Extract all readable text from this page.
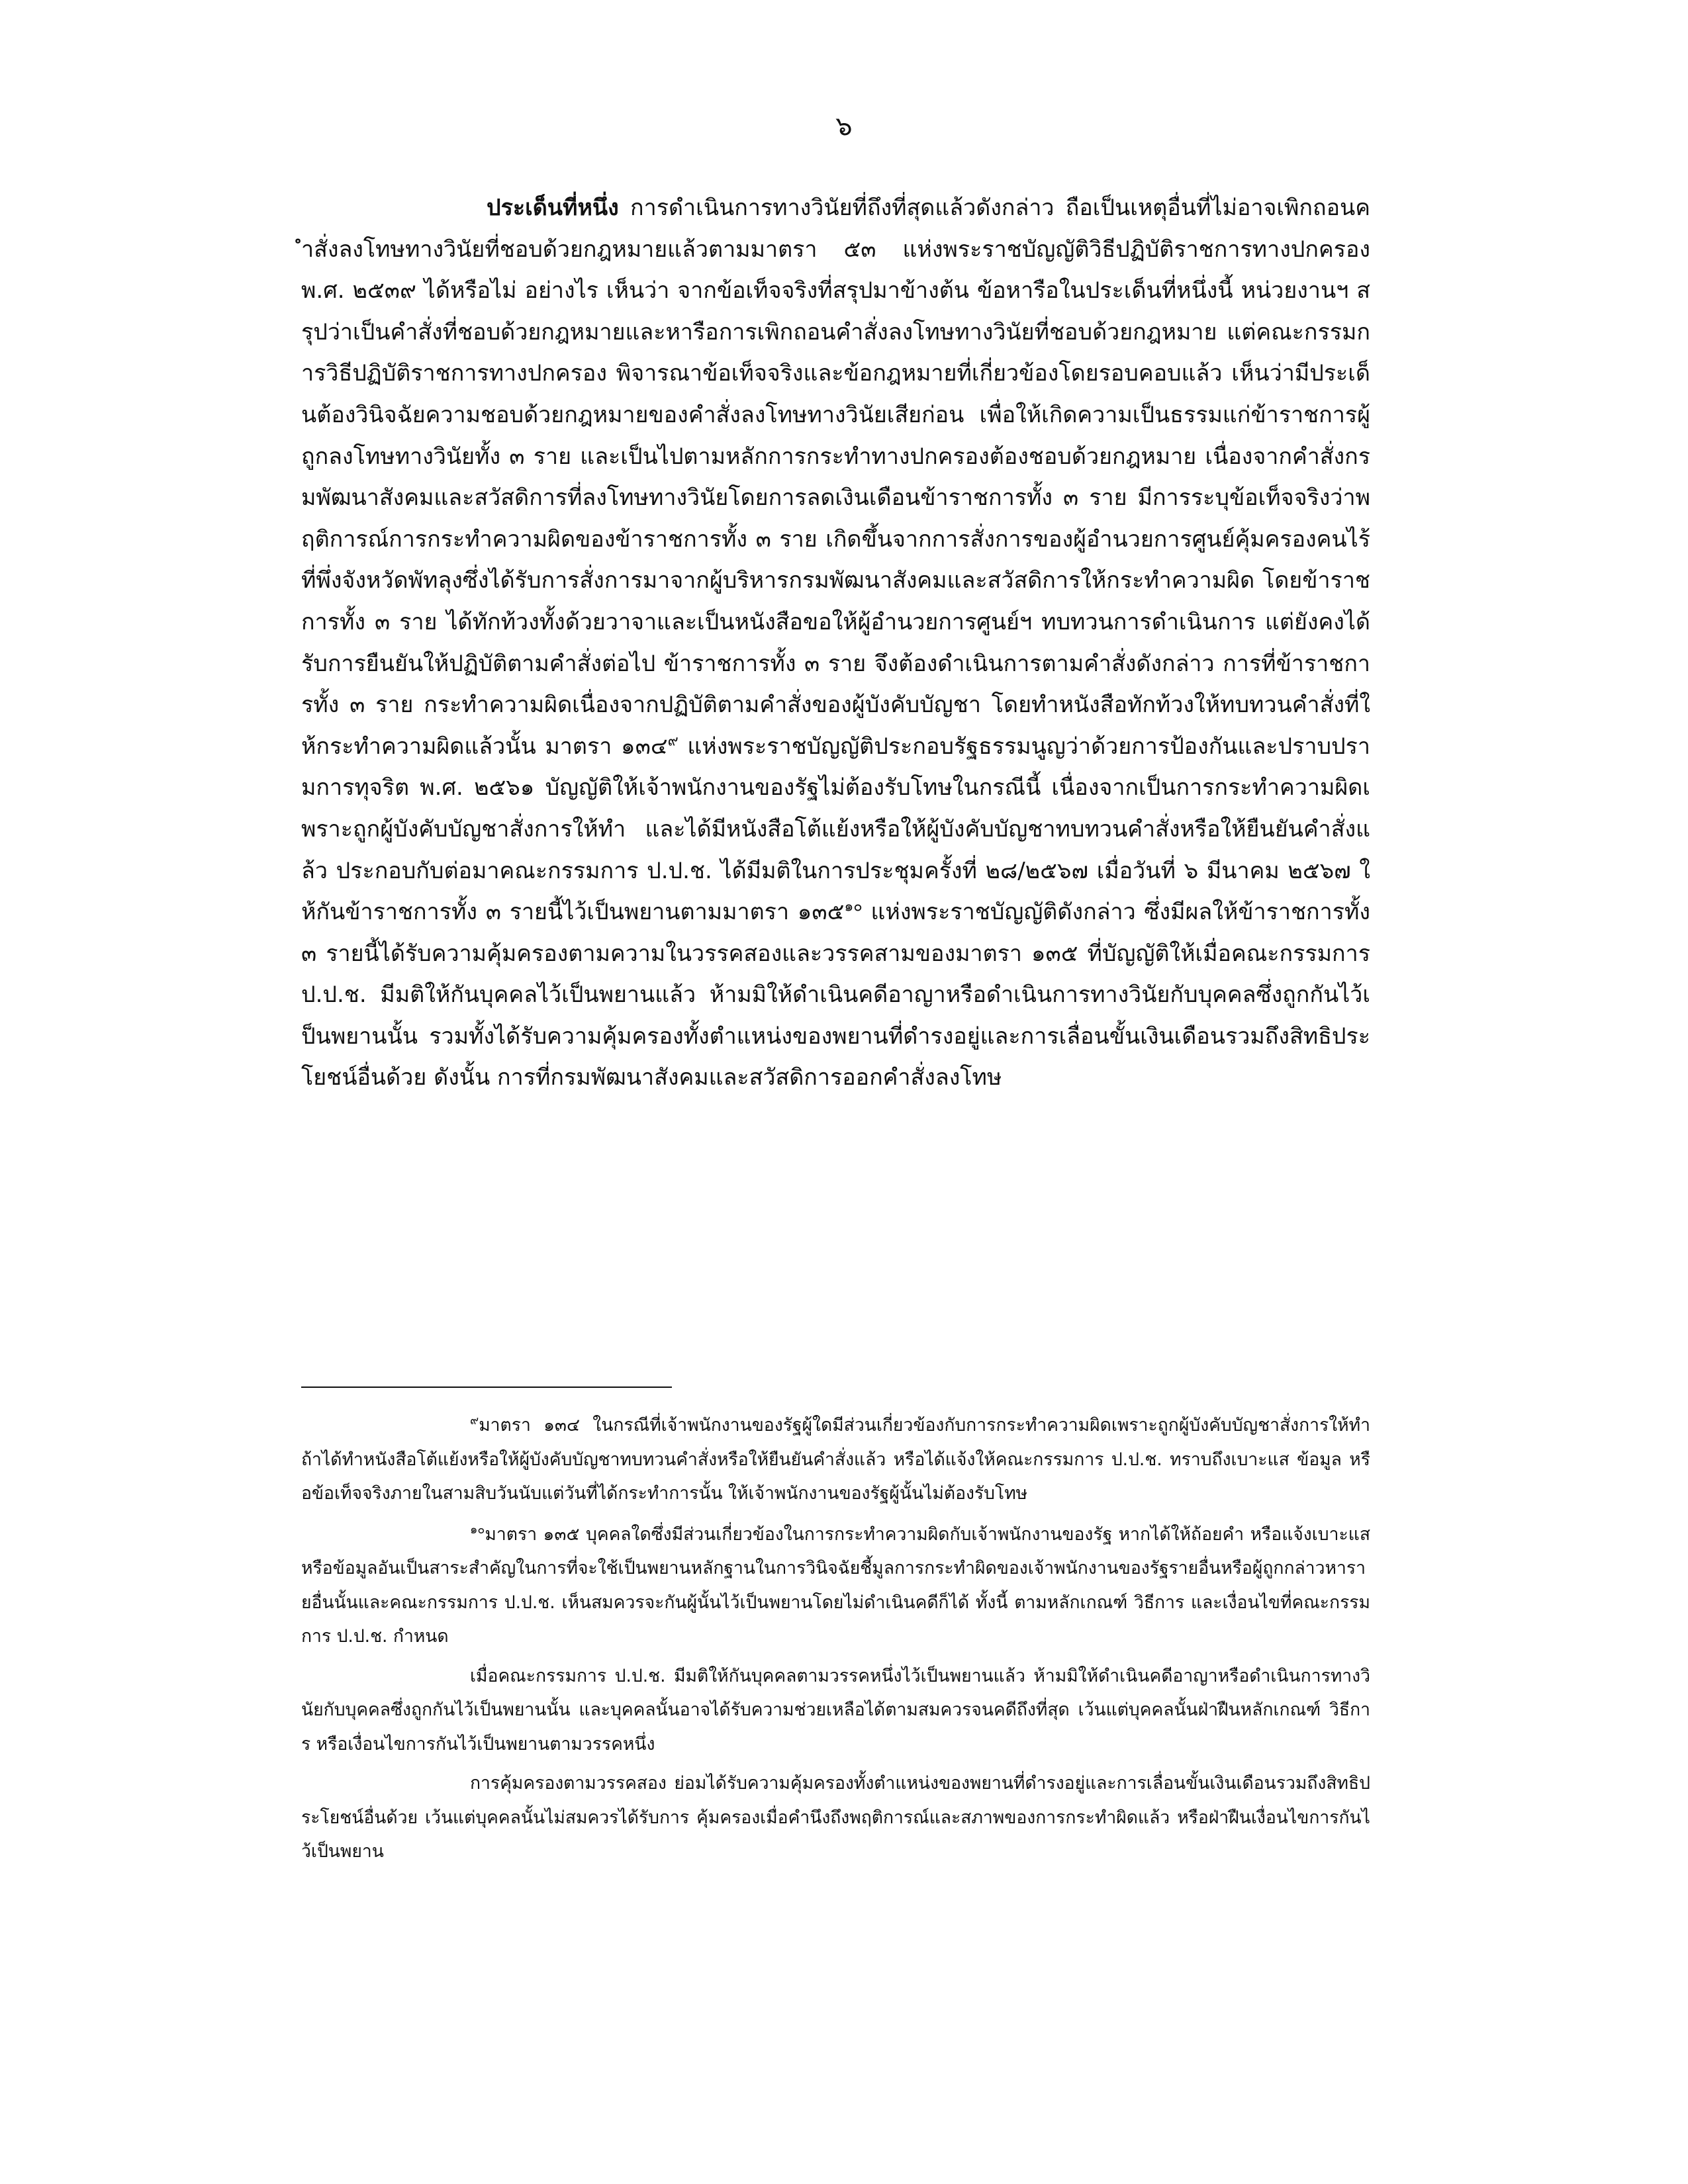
๖

ประเด็นที่หนึ่ง การดำเนินการทางวินัยที่ถึงที่สุดแล้วดังกล่าว ถือเป็นเหตุอื่นที่ไม่อาจเพิกถอนคำสั่งลงโทษทางวินัยที่ชอบด้วยกฎหมายแล้วตามมาตรา ๕๓ แห่งพระราชบัญญัติวิธีปฏิบัติราชการทางปกครอง พ.ศ. ๒๕๓๙ ได้หรือไม่ อย่างไร เห็นว่า จากข้อเท็จจริงที่สรุปมาข้างต้น ข้อหารือในประเด็นที่หนึ่งนี้ หน่วยงานฯ สรุปว่าเป็นคำสั่งที่ชอบด้วยกฎหมายและหารือการเพิกถอนคำสั่งลงโทษทางวินัยที่ชอบด้วยกฎหมาย แต่คณะกรรมการวิธีปฏิบัติราชการทางปกครอง พิจารณาข้อเท็จจริงและข้อกฎหมายที่เกี่ยวข้องโดยรอบคอบแล้ว เห็นว่ามีประเด็นต้องวินิจฉัยความชอบด้วยกฎหมายของคำสั่งลงโทษทางวินัยเสียก่อน เพื่อให้เกิดความเป็นธรรมแก่ข้าราชการผู้ถูกลงโทษทางวินัยทั้ง ๓ ราย และเป็นไปตามหลักการกระทำทางปกครองต้องชอบด้วยกฎหมาย เนื่องจากคำสั่งกรมพัฒนาสังคมและสวัสดิการที่ลงโทษทางวินัยโดยการลดเงินเดือนข้าราชการทั้ง ๓ ราย มีการระบุข้อเท็จจริงว่าพฤติการณ์การกระทำความผิดของข้าราชการทั้ง ๓ ราย เกิดขึ้นจากการสั่งการของผู้อำนวยการศูนย์คุ้มครองคนไร้ที่พึ่งจังหวัดพัทลุงซึ่งได้รับการสั่งการมาจากผู้บริหารกรมพัฒนาสังคมและสวัสดิการให้กระทำความผิด โดยข้าราชการทั้ง ๓ ราย ได้ทักท้วงทั้งด้วยวาจาและเป็นหนังสือขอให้ผู้อำนวยการศูนย์ฯ ทบทวนการดำเนินการ แต่ยังคงได้รับการยืนยันให้ปฏิบัติตามคำสั่งต่อไป ข้าราชการทั้ง ๓ ราย จึงต้องดำเนินการตามคำสั่งดังกล่าว การที่ข้าราชการทั้ง ๓ ราย กระทำความผิดเนื่องจากปฏิบัติตามคำสั่งของผู้บังคับบัญชา โดยทำหนังสือทักท้วงให้ทบทวนคำสั่งที่ให้กระทำความผิดแล้วนั้น มาตรา ๑๓๔$^๙$ แห่งพระราชบัญญัติประกอบรัฐธรรมนูญว่าด้วยการป้องกันและปราบปรามการทุจริต พ.ศ. ๒๕๖๑ บัญญัติให้เจ้าพนักงานของรัฐไม่ต้องรับโทษในกรณีนี้ เนื่องจากเป็นการกระทำความผิดเพราะถูกผู้บังคับบัญชาสั่งการให้ทำ และได้มีหนังสือโต้แย้งหรือให้ผู้บังคับบัญชาทบทวนคำสั่งหรือให้ยืนยันคำสั่งแล้ว ประกอบกับต่อมาคณะกรรมการ ป.ป.ช. ได้มีมติในการประชุมครั้งที่ ๒๘/๒๕๖๗ เมื่อวันที่ ๖ มีนาคม ๒๕๖๗ ให้กันข้าราชการทั้ง ๓ รายนี้ไว้เป็นพยานตามมาตรา ๑๓๕$^{๑๐}$ แห่งพระราชบัญญัติดังกล่าว ซึ่งมีผลให้ข้าราชการทั้ง ๓ รายนี้ได้รับความคุ้มครองตามความในวรรคสองและวรรคสามของมาตรา ๑๓๕ ที่บัญญัติให้เมื่อคณะกรรมการ ป.ป.ช. มีมติให้กันบุคคลไว้เป็นพยานแล้ว ห้ามมิให้ดำเนินคดีอาญาหรือดำเนินการทางวินัยกับบุคคลซึ่งถูกกันไว้เป็นพยานนั้น รวมทั้งได้รับความคุ้มครองทั้งตำแหน่งของพยานที่ดำรงอยู่และการเลื่อนขั้นเงินเดือนรวมถึงสิทธิประโยชน์อื่นด้วย ดังนั้น การที่กรมพัฒนาสังคมและสวัสดิการออกคำสั่งลงโทษ

$^๙$มาตรา ๑๓๔ ในกรณีที่เจ้าพนักงานของรัฐผู้ใดมีส่วนเกี่ยวข้องกับการกระทำความผิดเพราะถูกผู้บังคับบัญชาสั่งการให้ทำ ถ้าได้ทำหนังสือโต้แย้งหรือให้ผู้บังคับบัญชาทบทวนคำสั่งหรือให้ยืนยันคำสั่งแล้ว หรือได้แจ้งให้คณะกรรมการ ป.ป.ช. ทราบถึงเบาะแส ข้อมูล หรือข้อเท็จจริงภายในสามสิบวันนับแต่วันที่ได้กระทำการนั้น ให้เจ้าพนักงานของรัฐผู้นั้นไม่ต้องรับโทษ

$^{๑๐}$มาตรา ๑๓๕ บุคคลใดซึ่งมีส่วนเกี่ยวข้องในการกระทำความผิดกับเจ้าพนักงานของรัฐ หากได้ให้ถ้อยคำ หรือแจ้งเบาะแสหรือข้อมูลอันเป็นสาระสำคัญในการที่จะใช้เป็นพยานหลักฐานในการวินิจฉัยชี้มูลการกระทำผิดของเจ้าพนักงานของรัฐรายอื่นหรือผู้ถูกกล่าวหารายอื่นนั้นและคณะกรรมการ ป.ป.ช. เห็นสมควรจะกันผู้นั้นไว้เป็นพยานโดยไม่ดำเนินคดีก็ได้ ทั้งนี้ ตามหลักเกณฑ์ วิธีการ และเงื่อนไขที่คณะกรรมการ ป.ป.ช. กำหนด

เมื่อคณะกรรมการ ป.ป.ช. มีมติให้กันบุคคลตามวรรคหนึ่งไว้เป็นพยานแล้ว ห้ามมิให้ดำเนินคดีอาญาหรือดำเนินการทางวินัยกับบุคคลซึ่งถูกกันไว้เป็นพยานนั้น และบุคคลนั้นอาจได้รับความช่วยเหลือได้ตามสมควรจนคดีถึงที่สุด เว้นแต่บุคคลนั้นฝ่าฝืนหลักเกณฑ์ วิธีการ หรือเงื่อนไขการกันไว้เป็นพยานตามวรรคหนึ่ง

การคุ้มครองตามวรรคสอง ย่อมได้รับความคุ้มครองทั้งตำแหน่งของพยานที่ดำรงอยู่และการเลื่อนขั้นเงินเดือนรวมถึงสิทธิประโยชน์อื่นด้วย เว้นแต่บุคคลนั้นไม่สมควรได้รับการ คุ้มครองเมื่อคำนึงถึงพฤติการณ์และสภาพของการกระทำผิดแล้ว หรือฝ่าฝืนเงื่อนไขการกันไว้เป็นพยาน
